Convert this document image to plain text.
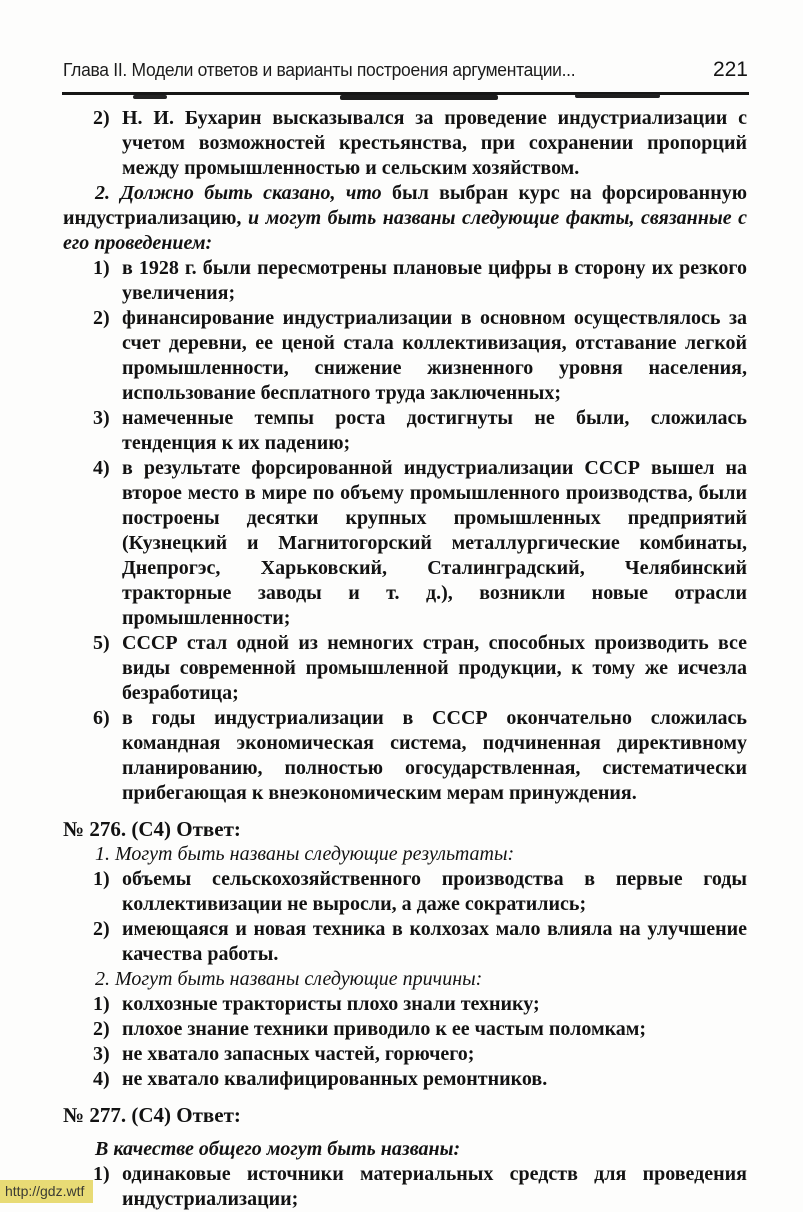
Глава II. Модели ответов и варианты построения аргументации...	221
2) Н. И. Бухарин высказывался за проведение индустриализации с учетом возможностей крестьянства, при сохранении пропорций между промышленностью и сельским хозяйством.

2. Должно быть сказано, что был выбран курс на форсированную индустриализацию, и могут быть названы следующие факты, связанные с его проведением:

1) в 1928 г. были пересмотрены плановые цифры в сторону их резкого увеличения;
2) финансирование индустриализации в основном осуществлялось за счет деревни, ее ценой стала коллективизация, отставание легкой промышленности, снижение жизненного уровня населения, использование бесплатного труда заключенных;
3) намеченные темпы роста достигнуты не были, сложилась тенденция к их падению;
4) в результате форсированной индустриализации СССР вышел на второе место в мире по объему промышленного производства, были построены десятки крупных промышленных предприятий (Кузнецкий и Магнитогорский металлургические комбинаты, Днепрогэс, Харьковский, Сталинградский, Челябинский тракторные заводы и т. д.), возникли новые отрасли промышленности;
5) СССР стал одной из немногих стран, способных производить все виды современной промышленной продукции, к тому же исчезла безработица;
6) в годы индустриализации в СССР окончательно сложилась командная экономическая система, подчиненная директивному планированию, полностью огосударствленная, систематически прибегающая к внеэкономическим мерам принуждения.
№ 276. (С4) Ответ:

1. Могут быть названы следующие результаты:

1) объемы сельскохозяйственного производства в первые годы коллективизации не выросли, а даже сократились;
2) имеющаяся и новая техника в колхозах мало влияла на улучшение качества работы.

2. Могут быть названы следующие причины:

1) колхозные трактористы плохо знали технику;
2) плохое знание техники приводило к ее частым поломкам;
3) не хватало запасных частей, горючего;
4) не хватало квалифицированных ремонтников.
№ 277. (С4) Ответ:

В качестве общего могут быть названы:

1) одинаковые источники материальных средств для проведения индустриализации;
http://gdz.wtf
